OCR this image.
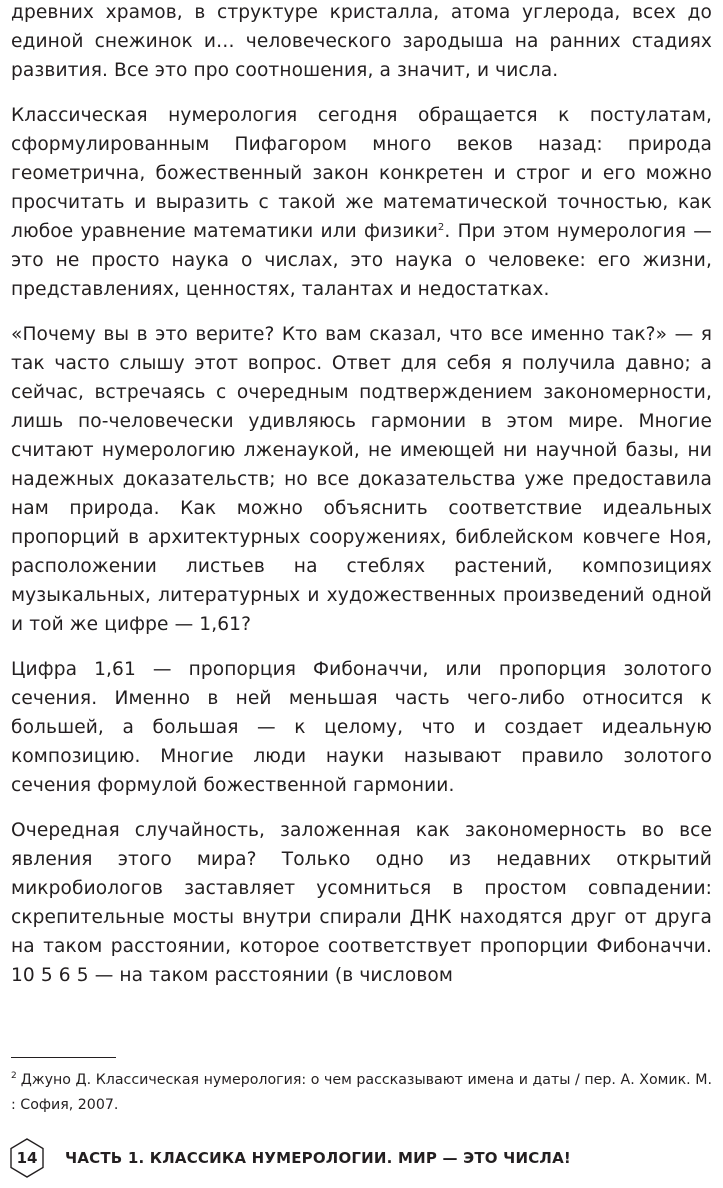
древних храмов, в структуре кристалла, атома углерода, всех до единой снежинок и… человеческого зародыша на ранних стадиях развития. Все это про соотношения, а значит, и числа.

Классическая нумерология сегодня обращается к постулатам, сформулированным Пифагором много веков назад: природа геометрична, божественный закон конкретен и строг и его можно просчитать и выразить с такой же математической точностью, как любое уравнение математики или физики$^2$. При этом нумерология — это не просто наука о числах, это наука о человеке: его жизни, представлениях, ценностях, талантах и недостатках.

«Почему вы в это верите? Кто вам сказал, что все именно так?» — я так часто слышу этот вопрос. Ответ для себя я получила давно; а сейчас, встречаясь с очередным подтверждением закономерности, лишь по-человечески удивляюсь гармонии в этом мире. Многие считают нумерологию лженаукой, не имеющей ни научной базы, ни надежных доказательств; но все доказательства уже предоставила нам природа. Как можно объяснить соответствие идеальных пропорций в архитектурных сооружениях, библейском ковчеге Ноя, расположении листьев на стеблях растений, композициях музыкальных, литературных и художественных произведений одной и той же цифре — 1,61?

Цифра 1,61 — пропорция Фибоначчи, или пропорция золотого сечения. Именно в ней меньшая часть чего-либо относится к большей, а большая — к целому, что и создает идеальную композицию. Многие люди науки называют правило золотого сечения формулой божественной гармонии.

Очередная случайность, заложенная как закономерность во все явления этого мира? Только одно из недавних открытий микробиологов заставляет усомниться в простом совпадении: скрепительные мосты внутри спирали ДНК находятся друг от друга на таком расстоянии, которое соответствует пропорции Фибоначчи. 10 5 6 5 — на таком расстоянии (в числовом

$^2$ Джуно Д. Классическая нумерология: о чем рассказывают имена и даты / пер. А. Хомик. М. : София, 2007.

14 ЧАСТЬ 1. КЛАССИКА НУМЕРОЛОГИИ. МИР — ЭТО ЧИСЛА!
